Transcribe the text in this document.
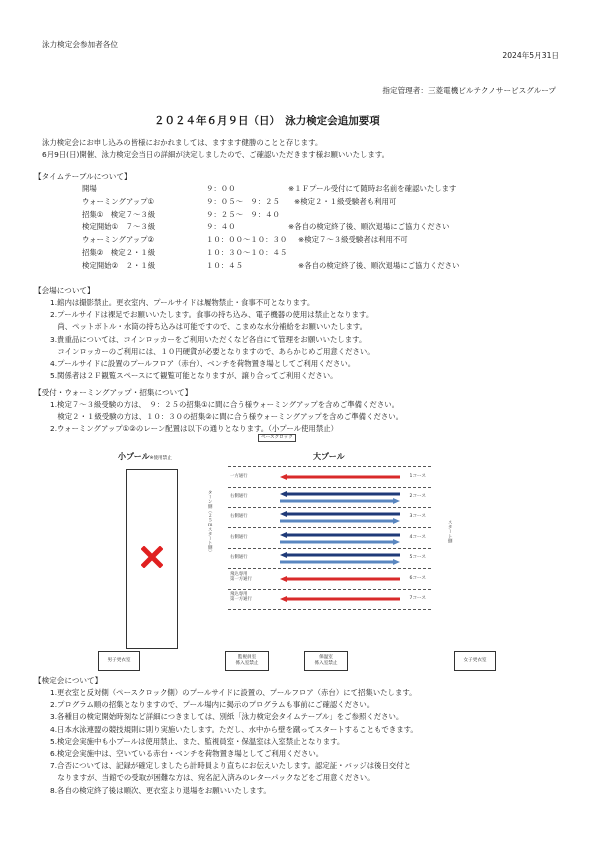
泳力検定会参加者各位
2024年5月31日
指定管理者：三菱電機ビルテクノサービスグループ
２０２４年６月９日（日）　泳力検定会追加要項
泳力検定会にお申し込みの皆様におかれましては、ますます健勝のことと存じます。
6月9日(日)開催、泳力検定会当日の詳細が決定しましたので、ご確認いただきます様お願いいたします。
【タイムテーブルについて】
開場	９：００	※１Ｆプール受付にて随時お名前を確認いたします
ウォーミングアップ①	９：０５～　９：２５ ※検定２・１級受験者も利用可
招集①　検定７～３級	９：２５～　９：４０
検定開始①　７～３級	９：４０	※各自の検定終了後、順次退場にご協力ください
ウォーミングアップ②	１０：００～１０：３０ ※検定７～３級受験者は利用不可
招集②　検定２・１級	１０：３０～１０：４５
検定開始②　２・１級	１０：４５	※各自の検定終了後、順次退場にご協力ください
【会場について】
1.館内は撮影禁止。更衣室内、プールサイドは履物禁止・食事不可となります。
2.プールサイドは裸足でお願いいたします。食事の持ち込み、電子機器の使用は禁止となります。
　尚、ペットボトル・水筒の持ち込みは可能ですので、こまめな水分補給をお願いいたします。
3.貴重品については、コインロッカーをご利用いただくなど各自にて管理をお願いいたします。
　コインロッカーのご利用には、１０円硬貨が必要となりますので、あらかじめご用意ください。
4.プールサイドに設置のプールフロア（赤台）、ベンチを荷物置き場としてご利用ください。
5.関係者は２Ｆ観覧スペースにて観覧可能となりますが、譲り合ってご利用ください。
【受付・ウォーミングアップ・招集について】
1.検定７～３級受験の方は、　９：２５の招集①に間に合う様ウォーミングアップを含めご準備ください。
　検定２・１級受験の方は、１０：３０の招集②に間に合う様ウォーミングアップを含めご準備ください。
2.ウォーミングアップ①②のレーン配置は以下の通りとなります。（小プール使用禁止）
ペースクロック
小プール※使用禁止	大プール
ターン側（２５ｍスタート側）	スタート側
一方通行	1コース
右側通行	2コース
右側通行	3コース
右側通行	4コース
右側通行	5コース
飛込専用
第一方通行	6コース
飛込専用
第一方通行	7コース
男子更衣室
監視員室
係入室禁止
保温室
係入室禁止
女子更衣室
【検定会について】
1.更衣室と反対側（ペースクロック側）のプールサイドに設置の、プールフロア（赤台）にて招集いたします。
2.プログラム順の招集となりますので、プール場内に掲示のプログラムも事前にご確認ください。
3.各種目の検定開始時刻など詳細につきましては、別紙「泳力検定会タイムテーブル」をご参照ください。
4.日本水泳連盟の競技規則に則り実施いたします。ただし、水中から壁を蹴ってスタートすることもできます。
5.検定会実施中も小プールは使用禁止、また、監視員室・保温室は入室禁止となります。
6.検定会実施中は、空いている赤台・ベンチを荷物置き場としてご利用ください。
7.合否については、記録が確定しましたら計時員より直ちにお伝えいたします。認定証・バッジは後日交付と
　なりますが、当館での受取が困難な方は、宛名記入済みのレターパックなどをご用意ください。
8.各自の検定終了後は順次、更衣室より退場をお願いいたします。
